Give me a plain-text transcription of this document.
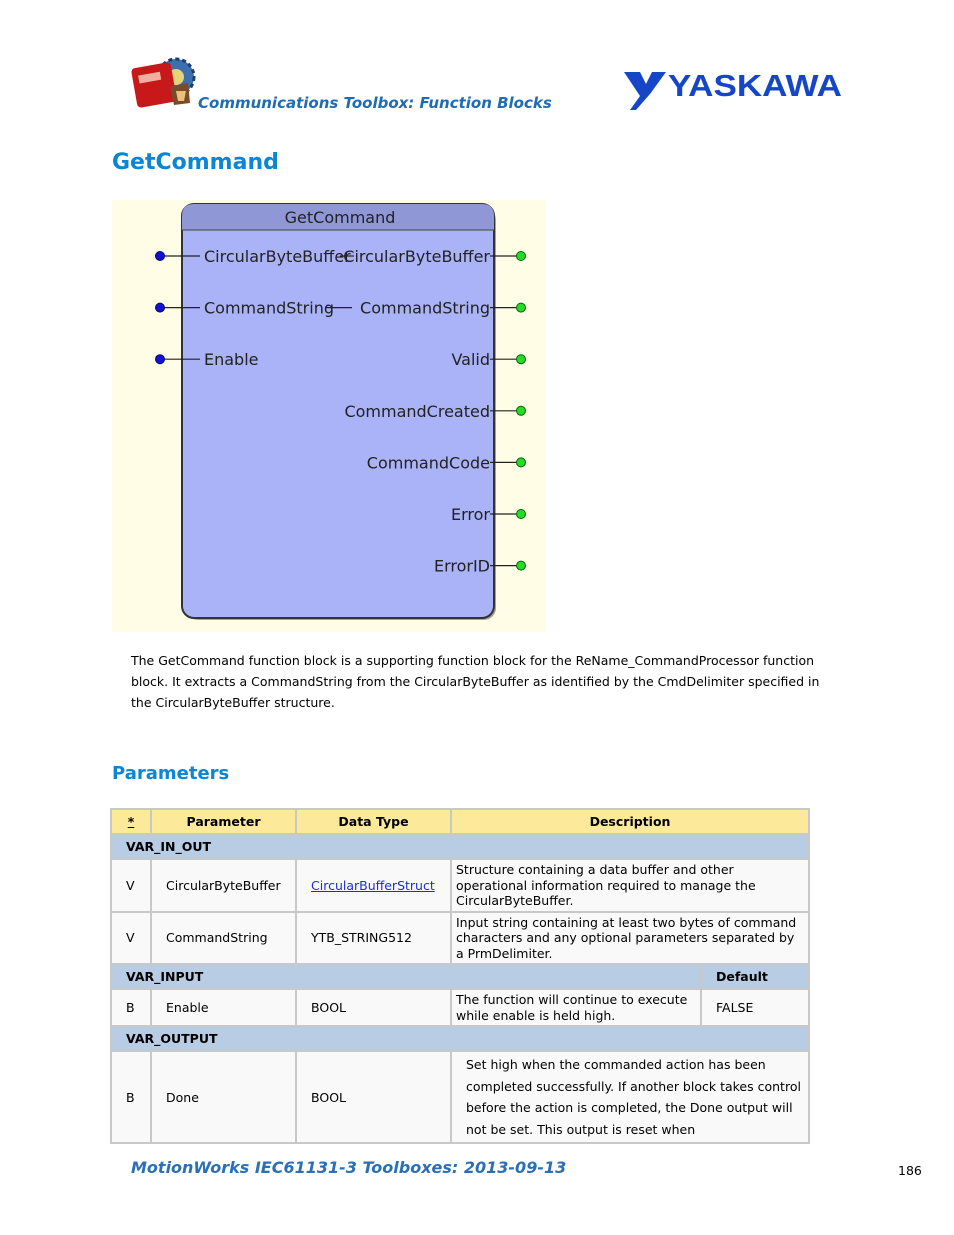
Communications Toolbox: Function Blocks	YASKAWA
GetCommand
GetCommand
CircularByteBuffer
CommandString
Enable
CircularByteBuffer
CommandString
Valid
CommandCreated
CommandCode
Error
ErrorID
The GetCommand function block is a supporting function block for the ReName_CommandProcessor function block. It extracts a CommandString from the CircularByteBuffer as identified by the CmdDelimiter specified in the CircularByteBuffer structure.
Parameters
*	Parameter	Data Type	Description	
VAR_IN_OUT				
V	CircularByteBuffer	CircularBufferStruct	Structure containing a data buffer and other operational information required to manage the CircularByteBuffer.	
V	CommandString	YTB_STRING512	Input string containing at least two bytes of command characters and any optional parameters separated by a PrmDelimiter.	
VAR_INPUT				Default
B	Enable	BOOL	The function will continue to execute while enable is held high.	FALSE
VAR_OUTPUT				
B	Done	BOOL	Set high when the commanded action has been completed successfully. If another block takes control before the action is completed, the Done output will not be set. This output is reset when	
MotionWorks IEC61131-3 Toolboxes: 2013-09-13	186
